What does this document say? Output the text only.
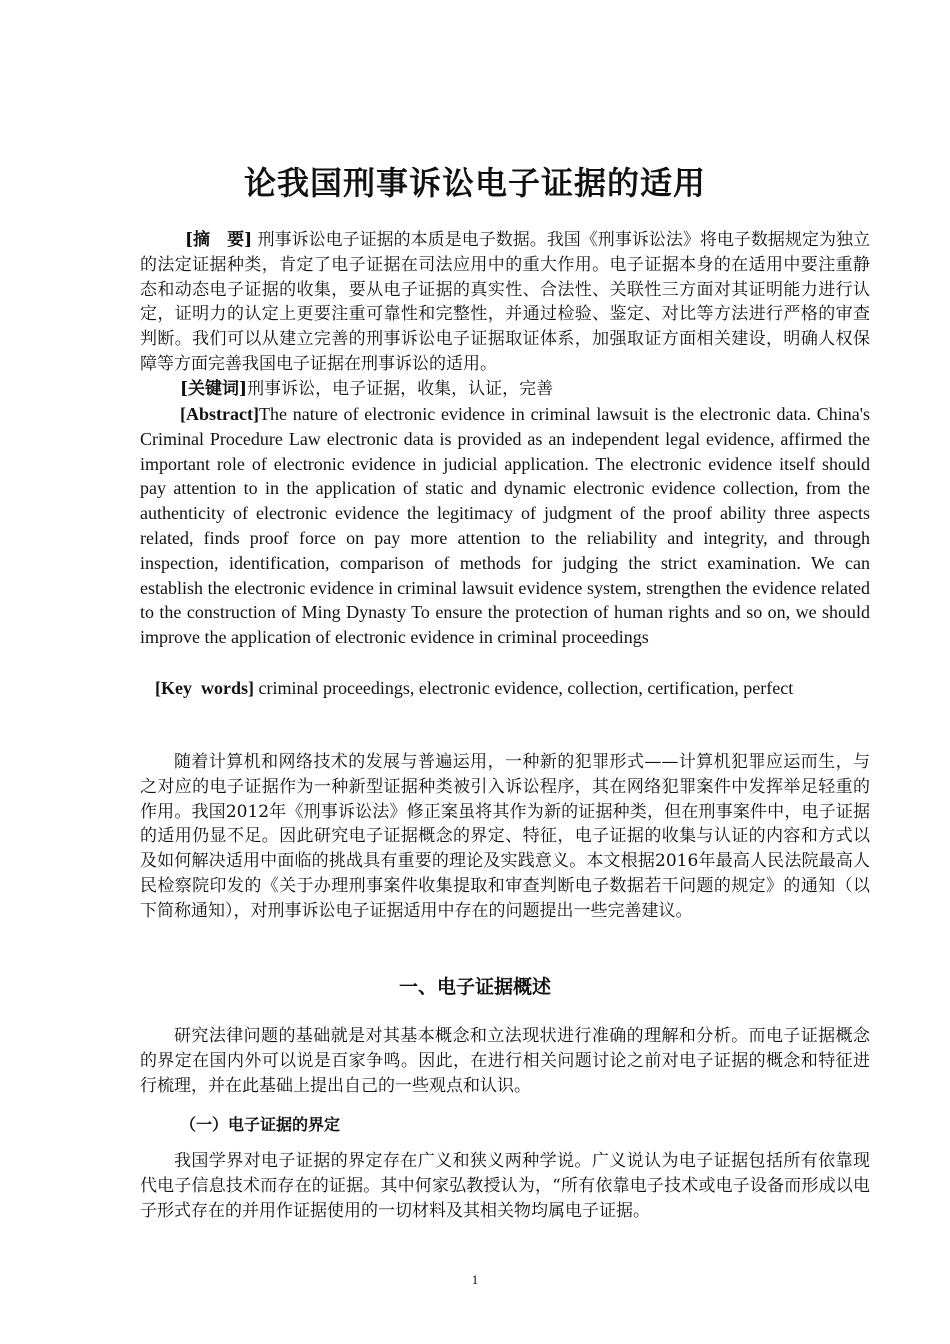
论我国刑事诉讼电子证据的适用

[摘　要] 刑事诉讼电子证据的本质是电子数据。我国《刑事诉讼法》将电子数据规定为独立的法定证据种类，肯定了电子证据在司法应用中的重大作用。电子证据本身的在适用中要注重静态和动态电子证据的收集，要从电子证据的真实性、合法性、关联性三方面对其证明能力进行认定，证明力的认定上更要注重可靠性和完整性，并通过检验、鉴定、对比等方法进行严格的审查判断。我们可以从建立完善的刑事诉讼电子证据取证体系，加强取证方面相关建设，明确人权保障等方面完善我国电子证据在刑事诉讼的适用。

[关键词]刑事诉讼，电子证据，收集，认证，完善

[Abstract]The nature of electronic evidence in criminal lawsuit is the electronic data. China's Criminal Procedure Law electronic data is provided as an independent legal evidence, affirmed the important role of electronic evidence in judicial application. The electronic evidence itself should pay attention to in the application of static and dynamic electronic evidence collection, from the authenticity of electronic evidence the legitimacy of judgment of the proof ability three aspects related, finds proof force on pay more attention to the reliability and integrity, and through inspection, identification, comparison of methods for judging the strict examination. We can establish the electronic evidence in criminal lawsuit evidence system, strengthen the evidence related to the construction of Ming Dynasty To ensure the protection of human rights and so on, we should improve the application of electronic evidence in criminal proceedings

[Key  words] criminal proceedings, electronic evidence, collection, certification, perfect

随着计算机和网络技术的发展与普遍运用，一种新的犯罪形式——计算机犯罪应运而生，与之对应的电子证据作为一种新型证据种类被引入诉讼程序，其在网络犯罪案件中发挥举足轻重的作用。我国2012年《刑事诉讼法》修正案虽将其作为新的证据种类，但在刑事案件中，电子证据的适用仍显不足。因此研究电子证据概念的界定、特征，电子证据的收集与认证的内容和方式以及如何解决适用中面临的挑战具有重要的理论及实践意义。本文根据2016年最高人民法院最高人民检察院印发的《关于办理刑事案件收集提取和审查判断电子数据若干问题的规定》的通知（以下简称通知），对刑事诉讼电子证据适用中存在的问题提出一些完善建议。

一、电子证据概述

研究法律问题的基础就是对其基本概念和立法现状进行准确的理解和分析。而电子证据概念的界定在国内外可以说是百家争鸣。因此，在进行相关问题讨论之前对电子证据的概念和特征进行梳理，并在此基础上提出自己的一些观点和认识。

（一）电子证据的界定

我国学界对电子证据的界定存在广义和狭义两种学说。广义说认为电子证据包括所有依靠现代电子信息技术而存在的证据。其中何家弘教授认为，“所有依靠电子技术或电子设备而形成以电子形式存在的并用作证据使用的一切材料及其相关物均属电子证据。

1
